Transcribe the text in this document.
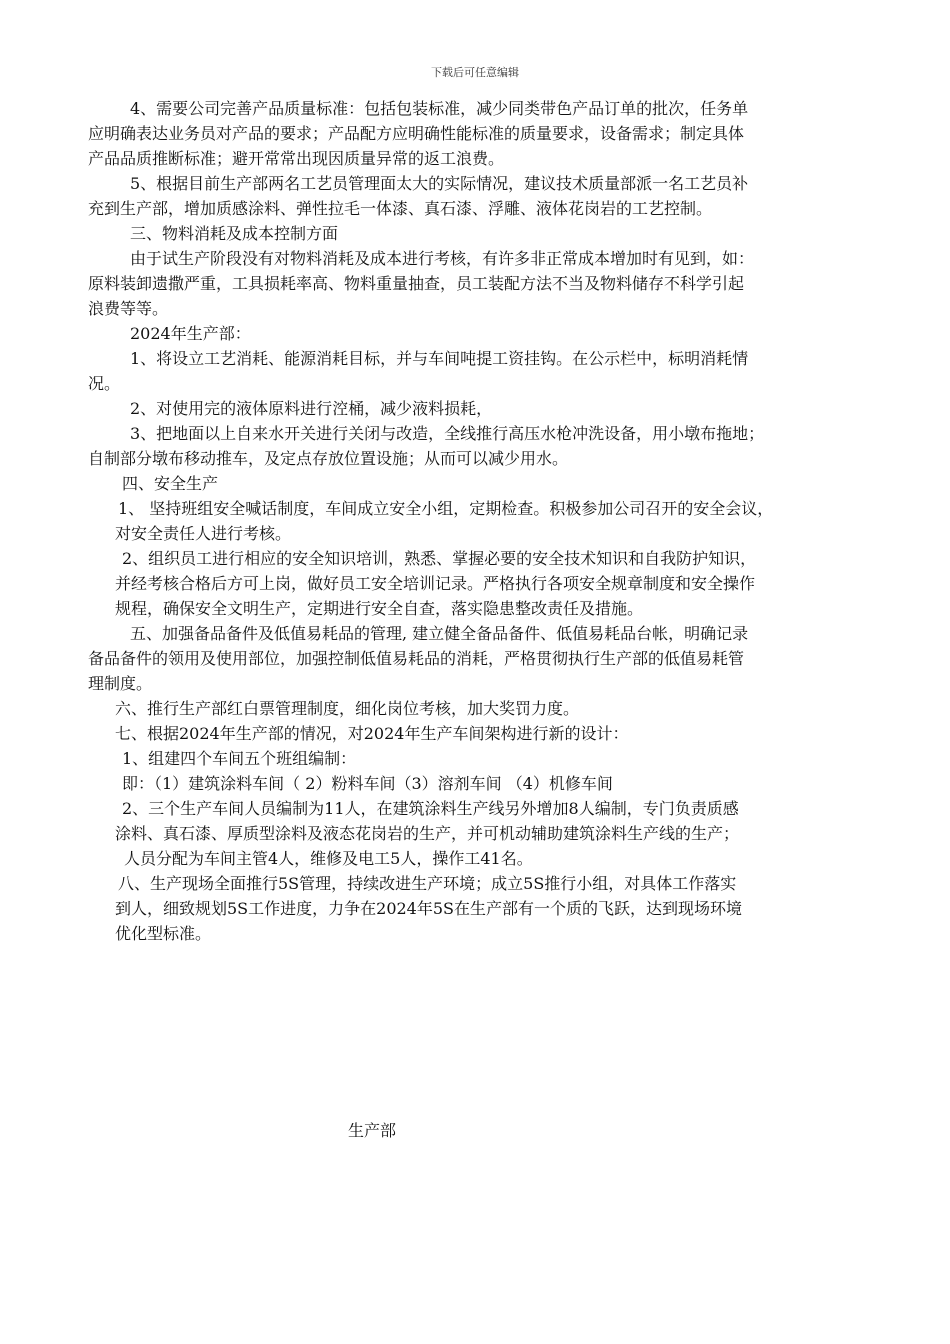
下载后可任意编辑
4、需要公司完善产品质量标准：包括包装标准，减少同类带色产品订单的批次，任务单
应明确表达业务员对产品的要求；产品配方应明确性能标准的质量要求，设备需求；制定具体
产品品质推断标准；避开常常出现因质量异常的返工浪费。
5、根据目前生产部两名工艺员管理面太大的实际情况，建议技术质量部派一名工艺员补
充到生产部，增加质感涂料、弹性拉毛一体漆、真石漆、浮雕、液体花岗岩的工艺控制。
三、物料消耗及成本控制方面
由于试生产阶段没有对物料消耗及成本进行考核，有许多非正常成本增加时有见到，如：
原料装卸遗撒严重，工具损耗率高、物料重量抽查，员工装配方法不当及物料储存不科学引起
浪费等等。
2024年生产部：
1、将设立工艺消耗、能源消耗目标，并与车间吨提工资挂钩。在公示栏中，标明消耗情
况。
2、对使用完的液体原料进行涳桶，减少液料损耗，
3、把地面以上自来水开关进行关闭与改造，全线推行高压水枪冲洗设备，用小墩布拖地；
自制部分墩布移动推车，及定点存放位置设施；从而可以减少用水。
四、安全生产
1、 坚持班组安全喊话制度，车间成立安全小组，定期检查。积极参加公司召开的安全会议，
对安全责任人进行考核。
2、组织员工进行相应的安全知识培训，熟悉、掌握必要的安全技术知识和自我防护知识，
并经考核合格后方可上岗，做好员工安全培训记录。严格执行各项安全规章制度和安全操作
规程，确保安全文明生产，定期进行安全自查，落实隐患整改责任及措施。
五、加强备品备件及低值易耗品的管理, 建立健全备品备件、低值易耗品台帐，明确记录
备品备件的领用及使用部位，加强控制低值易耗品的消耗，严格贯彻执行生产部的低值易耗管
理制度。
六、推行生产部红白票管理制度，细化岗位考核，加大奖罚力度。
七、根据2024年生产部的情况，对2024年生产车间架构进行新的设计：
1、组建四个车间五个班组编制：
即：（1）建筑涂料车间（ 2）粉料车间（3）溶剂车间 （4）机修车间
2、三个生产车间人员编制为11人，在建筑涂料生产线另外增加8人编制，专门负责质感
涂料、真石漆、厚质型涂料及液态花岗岩的生产，并可机动辅助建筑涂料生产线的生产；
人员分配为车间主管4人，维修及电工5人，操作工41名。
八、生产现场全面推行5S管理，持续改进生产环境；成立5S推行小组，对具体工作落实
到人，细致规划5S工作进度，力争在2024年5S在生产部有一个质的飞跃，达到现场环境
优化型标准。
生产部
